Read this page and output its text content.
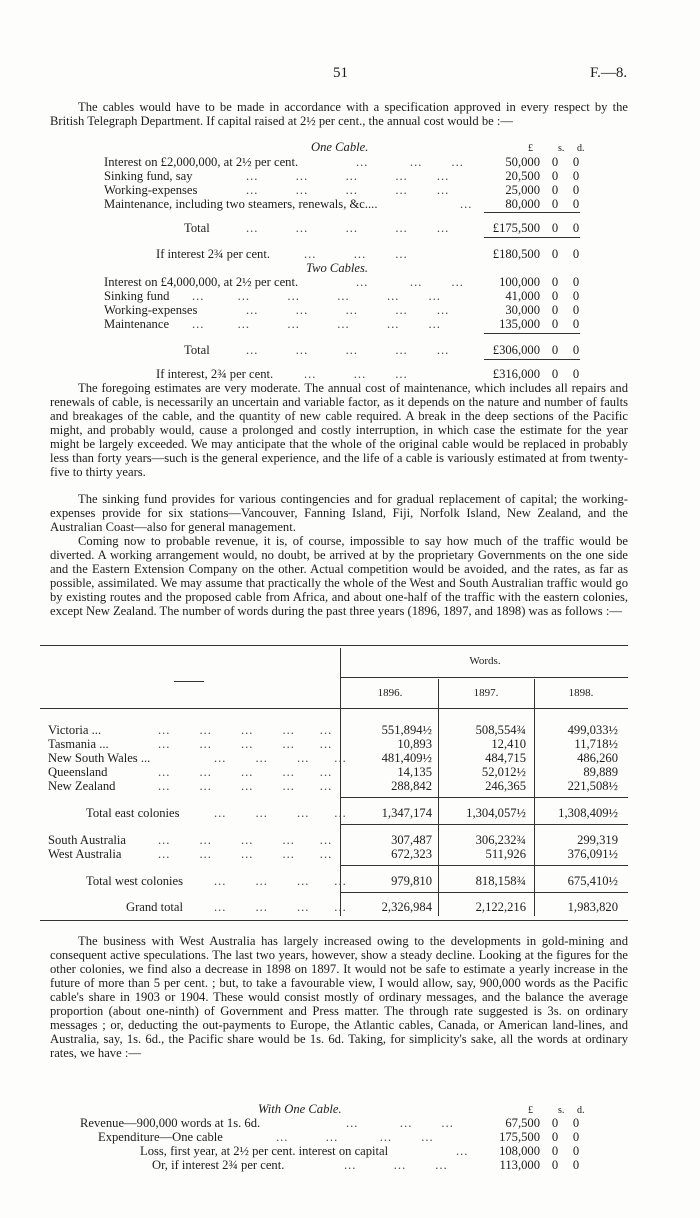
51	F.—8.
The cables would have to be made in accordance with a specification approved in every respect by the British Telegraph Department. If capital raised at 2½ per cent., the annual cost would be :—
£	s. d.
One Cable.
Interest on £2,000,000, at 2½ per cent.	...          ...       ...	50,000 0 0
Sinking fund, say	...         ...         ...         ...       ...	20,500 0 0
Working-expenses	...         ...         ...         ...       ...	25,000 0 0
Maintenance, including two steamers, renewals, &c....	...	80,000 0 0
Total	...         ...         ...         ...       ...	£175,500 0 0
If interest 2¾ per cent.	...         ...       ...	£180,500 0 0
Two Cables.
Interest on £4,000,000, at 2½ per cent.	...          ...       ...	100,000 0 0
Sinking fund ...        ...         ...         ...         ...       ...	41,000 0 0
Working-expenses	...         ...         ...         ...       ...	30,000 0 0
Maintenance ...        ...         ...         ...         ...       ...	135,000 0 0
Total	...         ...         ...         ...       ...	£306,000 0 0
If interest, 2¾ per cent. ...         ...       ...	£316,000 0 0
The foregoing estimates are very moderate. The annual cost of maintenance, which includes all repairs and renewals of cable, is necessarily an uncertain and variable factor, as it depends on the nature and number of faults and breakages of the cable, and the quantity of new cable required. A break in the deep sections of the Pacific might, and probably would, cause a prolonged and costly interruption, in which case the estimate for the year might be largely exceeded. We may anticipate that the whole of the original cable would be replaced in probably less than forty years—such is the general experience, and the life of a cable is variously estimated at from twenty-five to thirty years.
The sinking fund provides for various contingencies and for gradual replacement of capital; the working-expenses provide for six stations—Vancouver, Fanning Island, Fiji, Norfolk Island, New Zealand, and the Australian Coast—also for general management.
Coming now to probable revenue, it is, of course, impossible to say how much of the traffic would be diverted. A working arrangement would, no doubt, be arrived at by the proprietary Governments on the one side and the Eastern Extension Company on the other. Actual competition would be avoided, and the rates, as far as possible, assimilated. We may assume that practically the whole of the West and South Australian traffic would go by existing routes and the proposed cable from Africa, and about one-half of the traffic with the eastern colonies, except New Zealand. The number of words during the past three years (1896, 1897, and 1898) was as follows :—
Words.
1896.	1897.	1898.
Victoria ...	...       ...       ...       ...      ...	551,894½	508,554¾	499,033½
Tasmania ...	...       ...       ...       ...      ...	10,893	12,410	11,718½
New South Wales ...	...       ...       ...      ...	481,409½	484,715	486,260
Queensland	...       ...       ...       ...      ...	14,135	52,012½	89,889
New Zealand	...       ...       ...       ...      ...	288,842	246,365	221,508½
Total east colonies	...       ...       ...      ...	1,347,174	1,304,057½	1,308,409½
South Australia	...       ...       ...       ...      ...	307,487	306,232¾	299,319
West Australia	...       ...       ...       ...      ...	672,323	511,926	376,091½
Total west colonies ...       ...       ...      ...	979,810	818,158¾	675,410½
Grand total ...       ...       ...      ...	2,326,984	2,122,216	1,983,820
The business with West Australia has largely increased owing to the developments in gold-mining and consequent active speculations. The last two years, however, show a steady decline. Looking at the figures for the other colonies, we find also a decrease in 1898 on 1897. It would not be safe to estimate a yearly increase in the future of more than 5 per cent. ; but, to take a favourable view, I would allow, say, 900,000 words as the Pacific cable's share in 1903 or 1904. These would consist mostly of ordinary messages, and the balance the average proportion (about one-ninth) of Government and Press matter. The through rate suggested is 3s. on ordinary messages ; or, deducting the out-payments to Europe, the Atlantic cables, Canada, or American land-lines, and Australia, say, 1s. 6d., the Pacific share would be 1s. 6d. Taking, for simplicity's sake, all the words at ordinary rates, we have :—
With One Cable.	£	s. d.
Revenue—900,000 words at 1s. 6d.	...          ...       ...	67,500 0 0
Expenditure—One cable	...         ...          ...       ...	175,500 0 0
Loss, first year, at 2½ per cent. interest on capital	... 108,000 0 0
Or, if interest 2¾ per cent.	...         ...       ...	113,000 0 0
